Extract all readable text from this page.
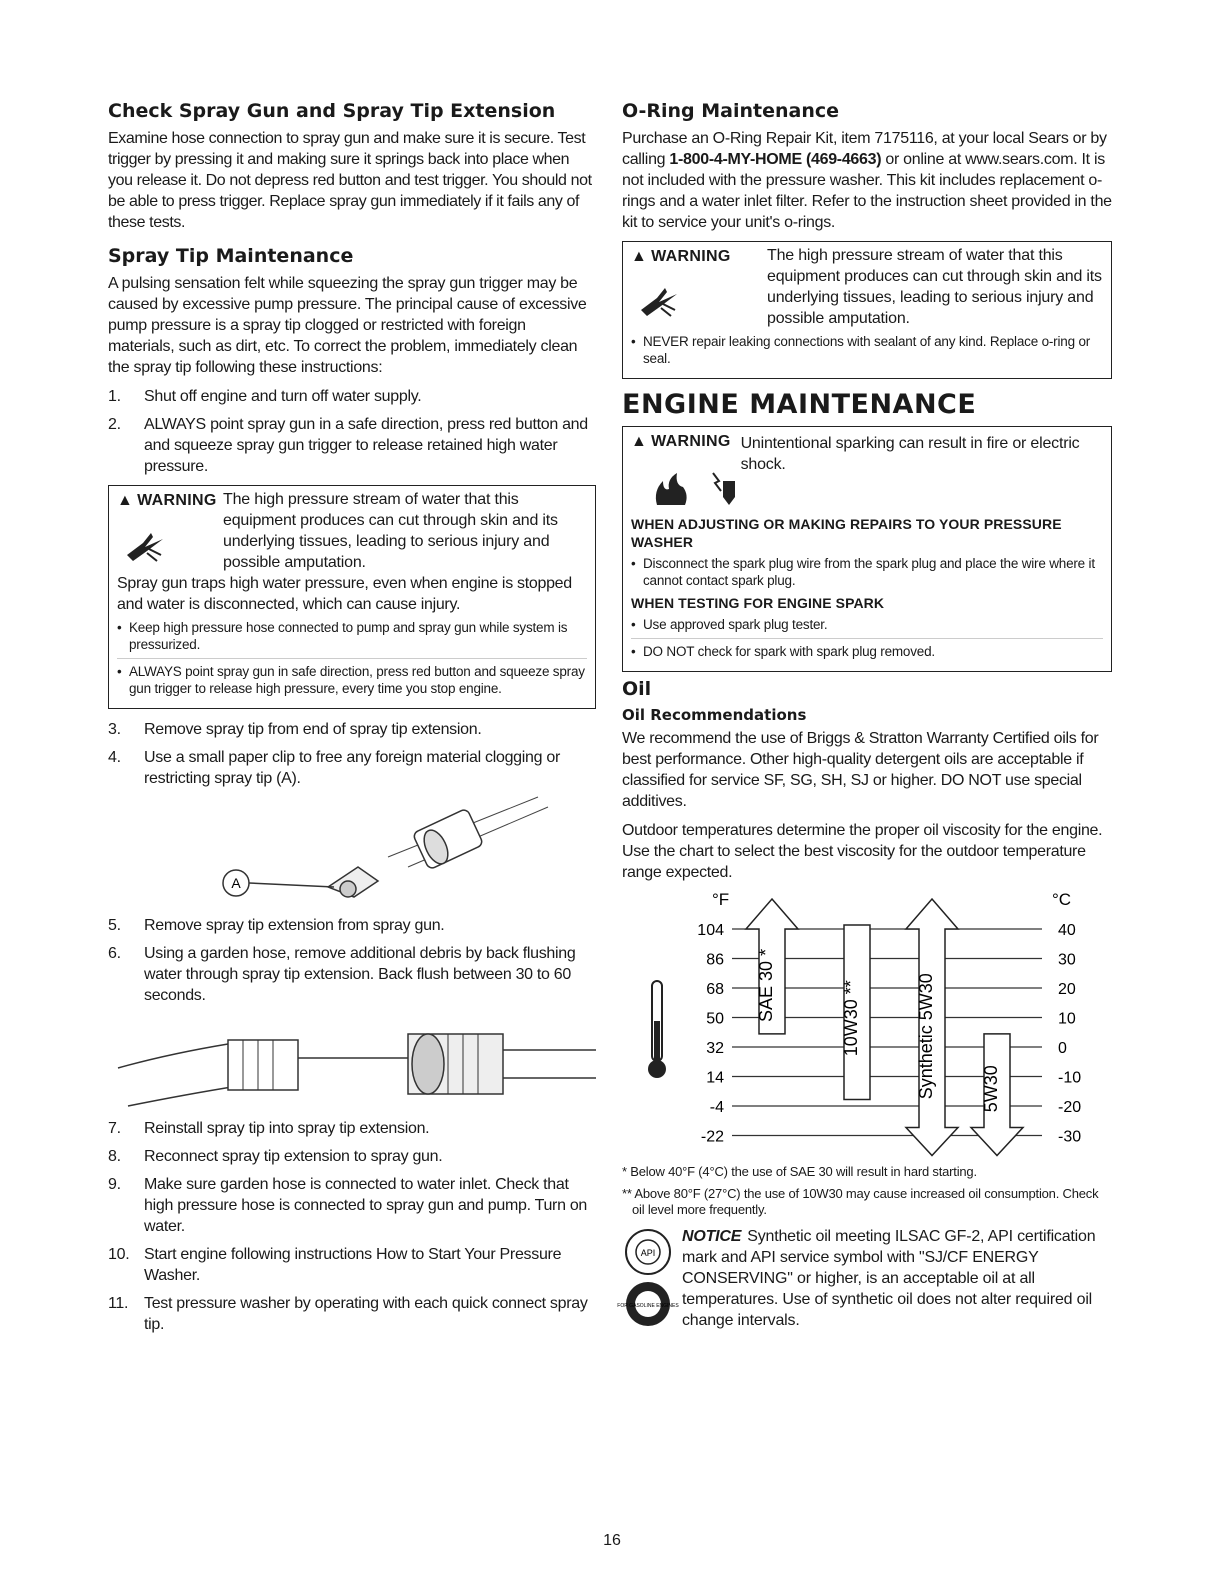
Check Spray Gun and Spray Tip Extension

Examine hose connection to spray gun and make sure it is secure. Test trigger by pressing it and making sure it springs back into place when you release it. Do not depress red button and test trigger. You should not be able to press trigger. Replace spray gun immediately if it fails any of these tests.

Spray Tip Maintenance

A pulsing sensation felt while squeezing the spray gun trigger may be caused by excessive pump pressure. The principal cause of excessive pump pressure is a spray tip clogged or restricted with foreign materials, such as dirt, etc. To correct the problem, immediately clean the spray tip following these instructions:

1. Shut off engine and turn off water supply.
2. ALWAYS point spray gun in a safe direction, press red button and and squeeze spray gun trigger to release retained high water pressure.
▲ WARNING The high pressure stream of water that this equipment produces can cut through skin and its underlying tissues, leading to serious injury and possible amputation.

Spray gun traps high water pressure, even when engine is stopped and water is disconnected, which can cause injury.

• Keep high pressure hose connected to pump and spray gun while system is pressurized.
• ALWAYS point spray gun in safe direction, press red button and squeeze spray gun trigger to release high pressure, every time you stop engine.
3. Remove spray tip from end of spray tip extension.
4. Use a small paper clip to free any foreign material clogging or restricting spray tip (A).
A
5. Remove spray tip extension from spray gun.
6. Using a garden hose, remove additional debris by back flushing water through spray tip extension. Back flush between 30 to 60 seconds.
7. Reinstall spray tip into spray tip extension.
8. Reconnect spray tip extension to spray gun.
9. Make sure garden hose is connected to water inlet. Check that high pressure hose is connected to spray gun and pump. Turn on water.
10. Start engine following instructions How to Start Your Pressure Washer.
11. Test pressure washer by operating with each quick connect spray tip.
O-Ring Maintenance

Purchase an O-Ring Repair Kit, item 7175116, at your local Sears or by calling 1-800-4-MY-HOME (469-4663) or online at www.sears.com. It is not included with the pressure washer. This kit includes replacement o-rings and a water inlet filter. Refer to the instruction sheet provided in the kit to service your unit's o-rings.

▲ WARNING	The high pressure stream of water that this equipment produces can cut through skin and its underlying tissues, leading to serious injury and possible amputation.
• NEVER repair leaking connections with sealant of any kind. Replace o-ring or seal.
ENGINE MAINTENANCE
▲ WARNING Unintentional sparking can result in fire or electric shock.
WHEN ADJUSTING OR MAKING REPAIRS TO YOUR PRESSURE WASHER
• Disconnect the spark plug wire from the spark plug and place the wire where it cannot contact spark plug.
WHEN TESTING FOR ENGINE SPARK
• Use approved spark plug tester.
• DO NOT check for spark with spark plug removed.
Oil
Oil Recommendations

We recommend the use of Briggs & Stratton Warranty Certified oils for best performance. Other high-quality detergent oils are acceptable if classified for service SF, SG, SH, SJ or higher. DO NOT use special additives.

Outdoor temperatures determine the proper oil viscosity for the engine. Use the chart to select the best viscosity for the outdoor temperature range expected.

°F	°C
104
86
68
50
32
14
-4
-22
40
30
20
10
0
-10
-20
-30
SAE 30 *	10W30 **	Synthetic 5W30	5W30

* Below 40°F (4°C) the use of SAE 30 will result in hard starting.

** Above 80°F (27°C) the use of 10W30 may cause increased oil consumption. Check oil level more frequently.

API
FOR GASOLINE ENGINES
NOTICE Synthetic oil meeting ILSAC GF-2, API certification mark and API service symbol with "SJ/CF ENERGY CONSERVING" or higher, is an acceptable oil at all temperatures. Use of synthetic oil does not alter required oil change intervals.
16
